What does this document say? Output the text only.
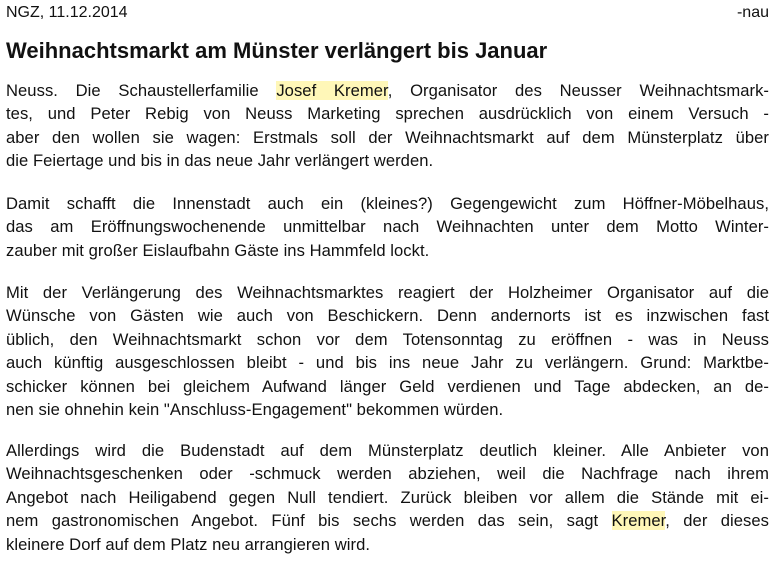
NGZ, 11.12.2014	-nau
Weihnachtsmarkt am Münster verlängert bis Januar
Neuss. Die Schaustellerfamilie Josef Kremer, Organisator des Neusser Weihnachtsmark-
tes, und Peter Rebig von Neuss Marketing sprechen ausdrücklich von einem Versuch -
aber den wollen sie wagen: Erstmals soll der Weihnachtsmarkt auf dem Münsterplatz über
die Feiertage und bis in das neue Jahr verlängert werden.
Damit schafft die Innenstadt auch ein (kleines?) Gegengewicht zum Höffner-Möbelhaus,
das am Eröffnungswochenende unmittelbar nach Weihnachten unter dem Motto Winter-
zauber mit großer Eislaufbahn Gäste ins Hammfeld lockt.
Mit der Verlängerung des Weihnachtsmarktes reagiert der Holzheimer Organisator auf die
Wünsche von Gästen wie auch von Beschickern. Denn andernorts ist es inzwischen fast
üblich, den Weihnachtsmarkt schon vor dem Totensonntag zu eröffnen - was in Neuss
auch künftig ausgeschlossen bleibt - und bis ins neue Jahr zu verlängern. Grund: Marktbe-
schicker können bei gleichem Aufwand länger Geld verdienen und Tage abdecken, an de-
nen sie ohnehin kein "Anschluss-Engagement" bekommen würden.
Allerdings wird die Budenstadt auf dem Münsterplatz deutlich kleiner. Alle Anbieter von
Weihnachtsgeschenken oder -schmuck werden abziehen, weil die Nachfrage nach ihrem
Angebot nach Heiligabend gegen Null tendiert. Zurück bleiben vor allem die Stände mit ei-
nem gastronomischen Angebot. Fünf bis sechs werden das sein, sagt Kremer, der dieses
kleinere Dorf auf dem Platz neu arrangieren wird.
